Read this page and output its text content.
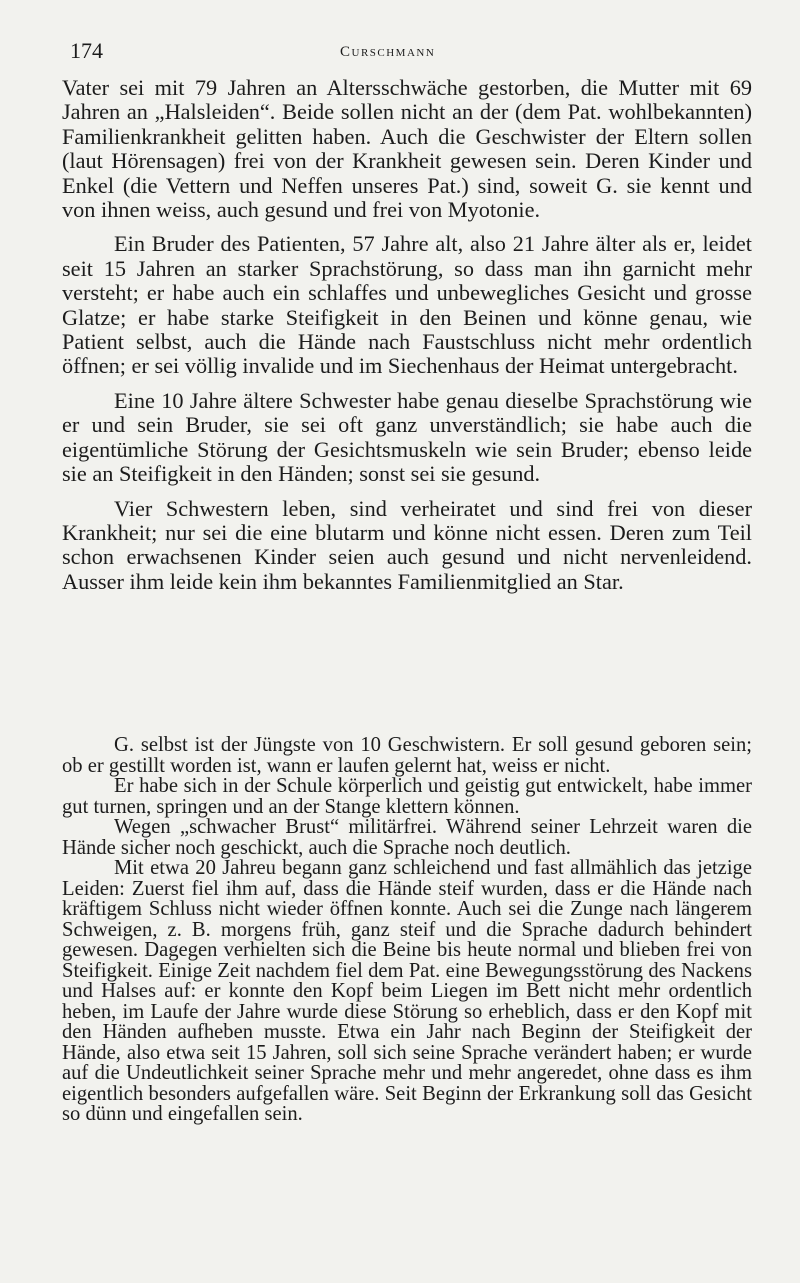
174	Curschmann

Vater sei mit 79 Jahren an Altersschwäche gestorben, die Mutter mit 69 Jahren an „Halsleiden“. Beide sollen nicht an der (dem Pat. wohlbekannten) Familienkrankheit gelitten haben. Auch die Geschwister der Eltern sollen (laut Hörensagen) frei von der Krankheit gewesen sein. Deren Kinder und Enkel (die Vettern und Neffen unseres Pat.) sind, soweit G. sie kennt und von ihnen weiss, auch gesund und frei von Myotonie.

Ein Bruder des Patienten, 57 Jahre alt, also 21 Jahre älter als er, leidet seit 15 Jahren an starker Sprachstörung, so dass man ihn garnicht mehr versteht; er habe auch ein schlaffes und unbewegliches Gesicht und grosse Glatze; er habe starke Steifigkeit in den Beinen und könne genau, wie Patient selbst, auch die Hände nach Faustschluss nicht mehr ordentlich öffnen; er sei völlig invalide und im Siechenhaus der Heimat untergebracht.

Eine 10 Jahre ältere Schwester habe genau dieselbe Sprachstörung wie er und sein Bruder, sie sei oft ganz unverständlich; sie habe auch die eigentümliche Störung der Gesichtsmuskeln wie sein Bruder; ebenso leide sie an Steifigkeit in den Händen; sonst sei sie gesund.

Vier Schwestern leben, sind verheiratet und sind frei von dieser Krankheit; nur sei die eine blutarm und könne nicht essen. Deren zum Teil schon erwachsenen Kinder seien auch gesund und nicht nervenleidend. Ausser ihm leide kein ihm bekanntes Familienmitglied an Star.

G. selbst ist der Jüngste von 10 Geschwistern. Er soll gesund geboren sein; ob er gestillt worden ist, wann er laufen gelernt hat, weiss er nicht.

Er habe sich in der Schule körperlich und geistig gut entwickelt, habe immer gut turnen, springen und an der Stange klettern können.

Wegen „schwacher Brust“ militärfrei. Während seiner Lehrzeit waren die Hände sicher noch geschickt, auch die Sprache noch deutlich.

Mit etwa 20 Jahreu begann ganz schleichend und fast allmählich das jetzige Leiden: Zuerst fiel ihm auf, dass die Hände steif wurden, dass er die Hände nach kräftigem Schluss nicht wieder öffnen konnte. Auch sei die Zunge nach längerem Schweigen, z. B. morgens früh, ganz steif und die Sprache dadurch behindert gewesen. Dagegen verhielten sich die Beine bis heute normal und blieben frei von Steifigkeit. Einige Zeit nachdem fiel dem Pat. eine Bewegungsstörung des Nackens und Halses auf: er konnte den Kopf beim Liegen im Bett nicht mehr ordentlich heben, im Laufe der Jahre wurde diese Störung so erheblich, dass er den Kopf mit den Händen aufheben musste. Etwa ein Jahr nach Beginn der Steifigkeit der Hände, also etwa seit 15 Jahren, soll sich seine Sprache verändert haben; er wurde auf die Undeutlichkeit seiner Sprache mehr und mehr angeredet, ohne dass es ihm eigentlich besonders aufgefallen wäre. Seit Beginn der Erkrankung soll das Gesicht so dünn und eingefallen sein.
